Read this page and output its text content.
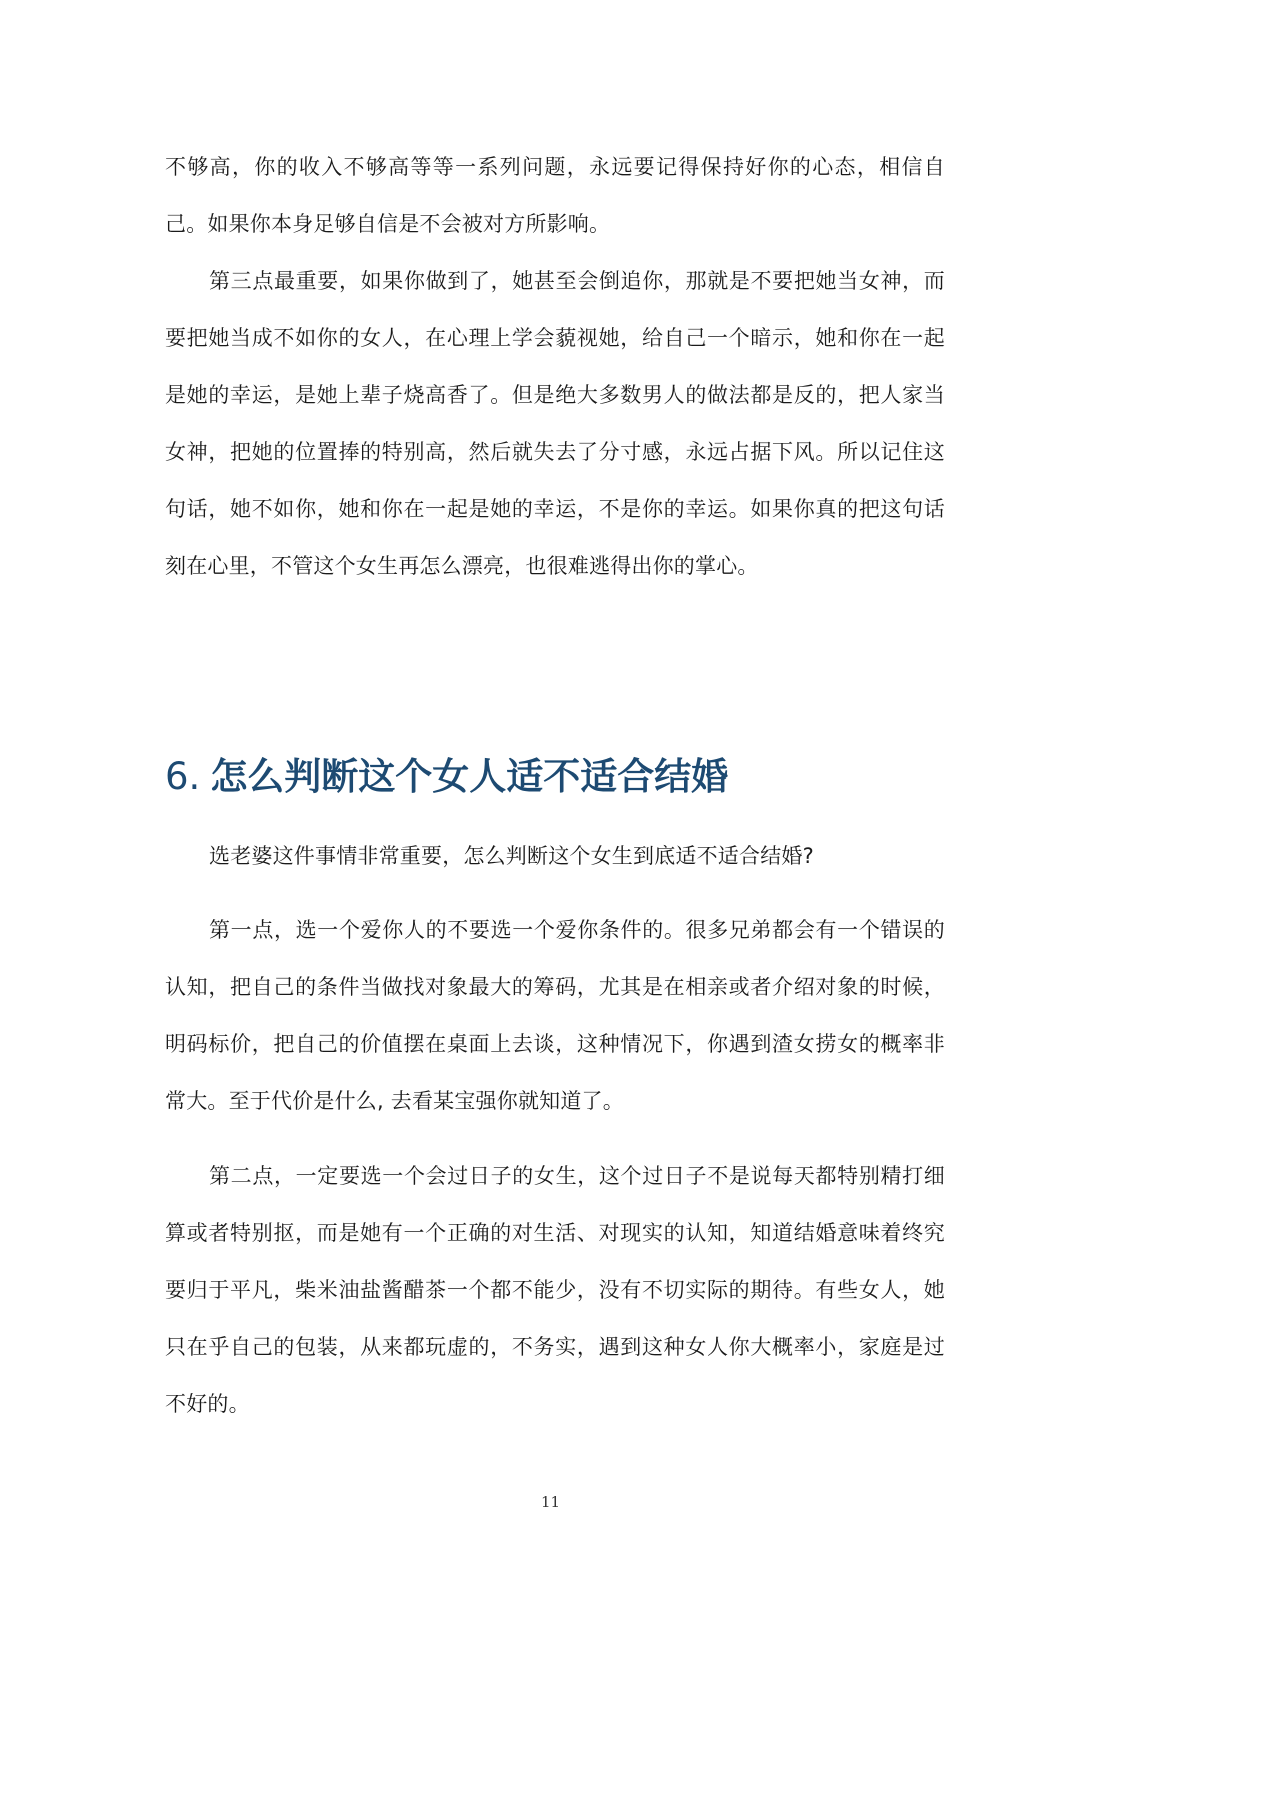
不够高，你的收入不够高等等一系列问题，永远要记得保持好你的心态，相信自己。如果你本身足够自信是不会被对方所影响。

第三点最重要，如果你做到了，她甚至会倒追你，那就是不要把她当女神，而要把她当成不如你的女人，在心理上学会藐视她，给自己一个暗示，她和你在一起是她的幸运，是她上辈子烧高香了。但是绝大多数男人的做法都是反的，把人家当女神，把她的位置捧的特别高，然后就失去了分寸感，永远占据下风。所以记住这句话，她不如你，她和你在一起是她的幸运，不是你的幸运。如果你真的把这句话刻在心里，不管这个女生再怎么漂亮，也很难逃得出你的掌心。

6. 怎么判断这个女人适不适合结婚

选老婆这件事情非常重要，怎么判断这个女生到底适不适合结婚?

第一点，选一个爱你人的不要选一个爱你条件的。很多兄弟都会有一个错误的认知，把自己的条件当做找对象最大的筹码，尤其是在相亲或者介绍对象的时候，明码标价，把自己的价值摆在桌面上去谈，这种情况下，你遇到渣女捞女的概率非常大。至于代价是什么, 去看某宝强你就知道了。

第二点，一定要选一个会过日子的女生，这个过日子不是说每天都特别精打细算或者特别抠，而是她有一个正确的对生活、对现实的认知，知道结婚意味着终究要归于平凡，柴米油盐酱醋茶一个都不能少，没有不切实际的期待。有些女人，她只在乎自己的包装，从来都玩虚的，不务实，遇到这种女人你大概率小，家庭是过不好的。

11
